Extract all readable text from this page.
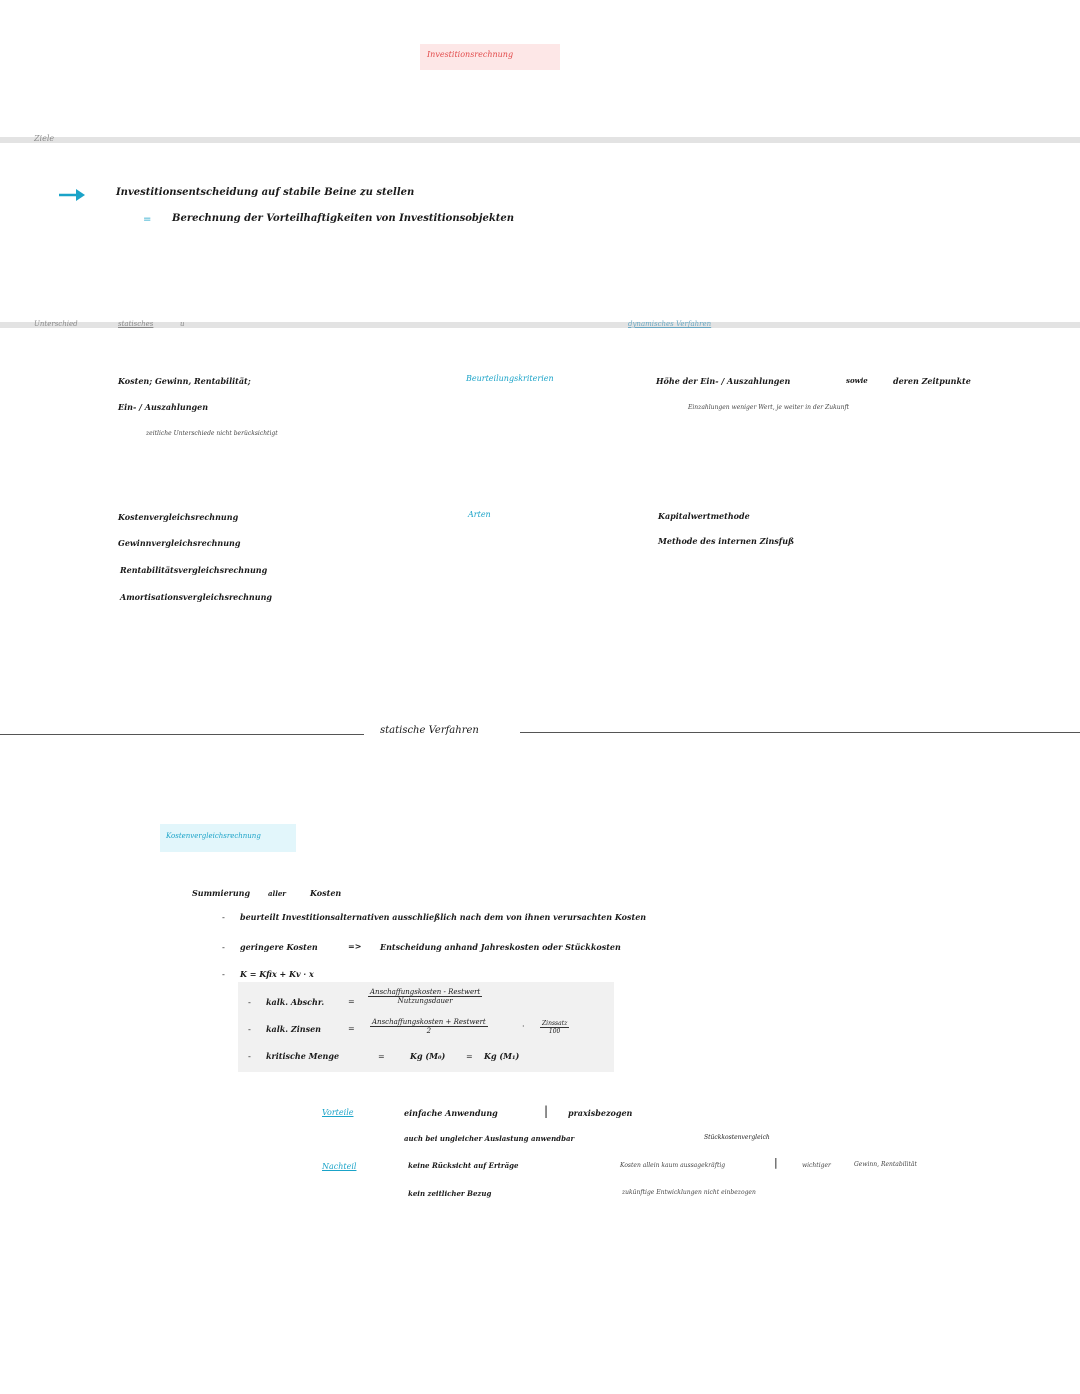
Investitionsrechnung
Ziele
Investitionsentscheidung auf stabile Beine zu stellen
= Berechnung der Vorteilhaftigkeiten von Investitionsobjekten
Unterschied	statisches	u	dynamisches Verfahren
Kosten; Gewinn, Rentabilität;
Ein- / Auszahlungen
zeitliche Unterschiede nicht berücksichtigt
Beurteilungskriterien	Höhe der Ein- / Auszahlungen	sowie	deren Zeitpunkte
Einzahlungen weniger Wert, je weiter in der Zukunft
Kostenvergleichsrechnung
Gewinnvergleichsrechnung
Rentabilitätsvergleichsrechnung
Amortisationsvergleichsrechnung
Arten	Kapitalwertmethode
Methode des internen Zinsfuß
statische Verfahren
Kostenvergleichsrechnung
Summierung	aller	Kosten
- beurteilt Investitionsalternativen ausschließlich nach dem von ihnen verursachten Kosten
- geringere Kosten	=> Entscheidung anhand Jahreskosten oder Stückkosten
- K = Kfix + Kv · x
- kalk. Abschr.	=
Anschaffungskosten - Restwert
Nutzungsdauer
- kalk. Zinsen	=
Anschaffungskosten + Restwert
2	·	Zinssatz
100
- kritische Menge	=	Kg (M₀)	= Kg (M₁)
Vorteile	einfache Anwendung	| praxisbezogen
auch bei ungleicher Auslastung anwendbar
Nachteil	keine Rücksicht auf Erträge
kein zeitlicher Bezug
Stückkostenvergleich
Kosten allein kaum aussagekräftig	|	wichtiger	Gewinn, Rentabilität
zukünftige Entwicklungen nicht einbezogen
